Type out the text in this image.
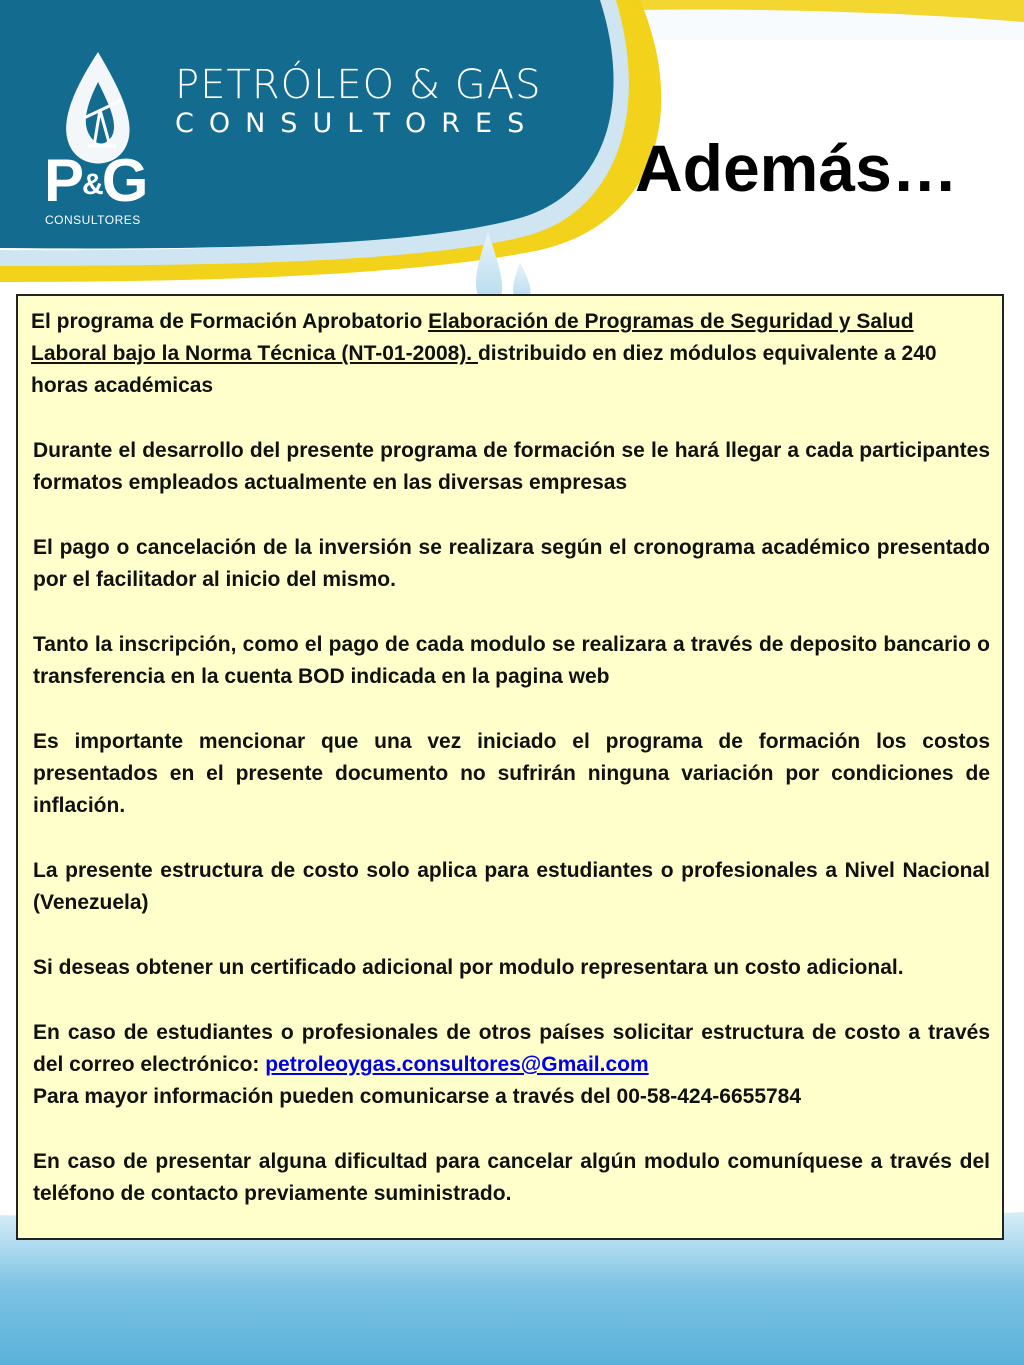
PETRÓLEO & GAS
CONSULTORES
P&G
CONSULTORES
Además…

El programa de Formación Aprobatorio Elaboración de Programas de Seguridad y Salud Laboral bajo la Norma Técnica (NT-01-2008). distribuido en diez módulos equivalente a 240 horas académicas

Durante el desarrollo del presente programa de formación se le hará llegar a cada participantes formatos empleados actualmente en las diversas empresas

El pago o cancelación de la inversión se realizara según el cronograma académico presentado por el facilitador al inicio del mismo.

Tanto la inscripción, como el pago de cada modulo se realizara a través de deposito bancario o transferencia en la cuenta BOD indicada en la pagina web

Es importante mencionar que una vez iniciado el programa de formación los costos presentados en el presente documento no sufrirán ninguna variación por condiciones de inflación.

La presente estructura de costo solo aplica para estudiantes o profesionales a Nivel Nacional (Venezuela)

Si deseas obtener un certificado adicional por modulo representara un costo adicional.

En caso de estudiantes o profesionales de otros países solicitar estructura de costo a través del correo electrónico: petroleoygas.consultores@Gmail.com

Para mayor información pueden comunicarse a través del 00-58-424-6655784

En caso de presentar alguna dificultad para cancelar algún modulo comuníquese a través del teléfono de contacto previamente suministrado.
